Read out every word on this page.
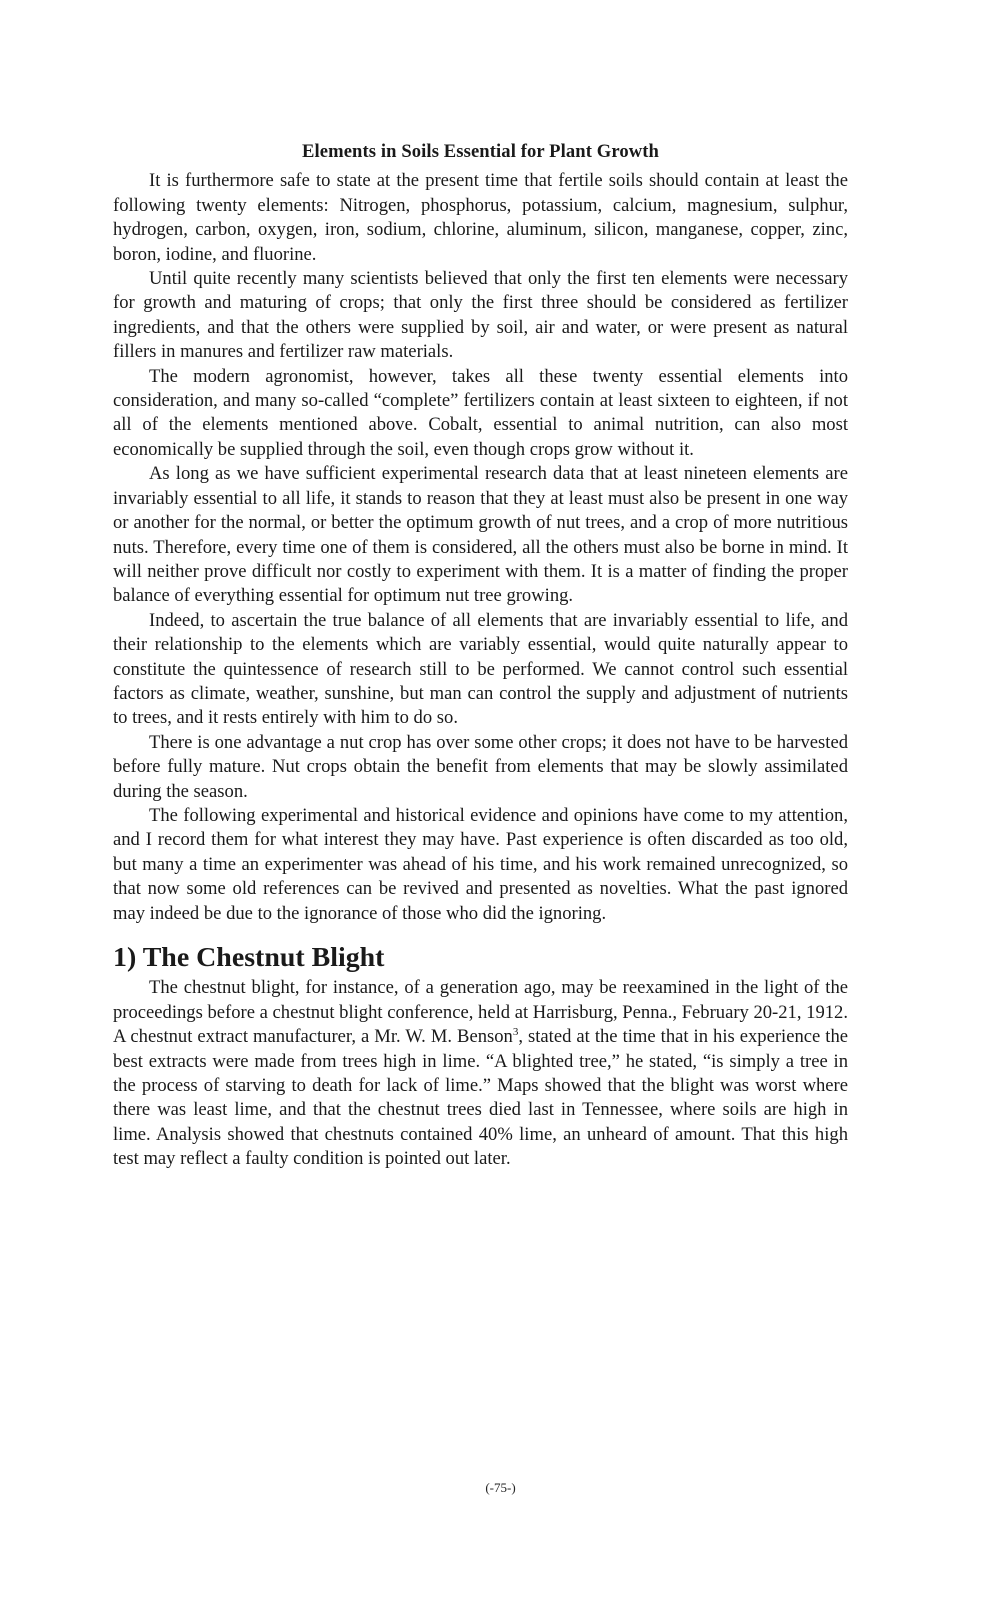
Elements in Soils Essential for Plant Growth

It is furthermore safe to state at the present time that fertile soils should contain at least the following twenty elements: Nitrogen, phosphorus, potassium, calcium, magnesium, sulphur, hydrogen, carbon, oxygen, iron, sodium, chlorine, aluminum, silicon, manganese, copper, zinc, boron, iodine, and fluorine.

Until quite recently many scientists believed that only the first ten elements were necessary for growth and maturing of crops; that only the first three should be considered as fertilizer ingredients, and that the others were supplied by soil, air and water, or were present as natural fillers in manures and fertilizer raw materials.

The modern agronomist, however, takes all these twenty essential elements into consideration, and many so-called “complete” fertilizers contain at least sixteen to eighteen, if not all of the elements mentioned above. Cobalt, essential to animal nutrition, can also most economically be supplied through the soil, even though crops grow without it.

As long as we have sufficient experimental research data that at least nineteen elements are invariably essential to all life, it stands to reason that they at least must also be present in one way or another for the normal, or better the optimum growth of nut trees, and a crop of more nutritious nuts. Therefore, every time one of them is considered, all the others must also be borne in mind. It will neither prove difficult nor costly to experiment with them. It is a matter of finding the proper balance of everything essential for optimum nut tree growing.

Indeed, to ascertain the true balance of all elements that are invariably essential to life, and their relationship to the elements which are variably essential, would quite naturally appear to constitute the quintessence of research still to be performed. We cannot control such essential factors as climate, weather, sunshine, but man can control the supply and adjustment of nutrients to trees, and it rests entirely with him to do so.

There is one advantage a nut crop has over some other crops; it does not have to be harvested before fully mature. Nut crops obtain the benefit from elements that may be slowly assimilated during the season.

The following experimental and historical evidence and opinions have come to my attention, and I record them for what interest they may have. Past experience is often discarded as too old, but many a time an experimenter was ahead of his time, and his work remained unrecognized, so that now some old references can be revived and presented as novelties. What the past ignored may indeed be due to the ignorance of those who did the ignoring.

1) The Chestnut Blight

The chestnut blight, for instance, of a generation ago, may be reexamined in the light of the proceedings before a chestnut blight conference, held at Harrisburg, Penna., February 20-21, 1912. A chestnut extract manufacturer, a Mr. W. M. Benson$^3$, stated at the time that in his experience the best extracts were made from trees high in lime. “A blighted tree,” he stated, “is simply a tree in the process of starving to death for lack of lime.” Maps showed that the blight was worst where there was least lime, and that the chestnut trees died last in Tennessee, where soils are high in lime. Analysis showed that chestnuts contained 40% lime, an unheard of amount. That this high test may reflect a faulty condition is pointed out later.

(-75-)
